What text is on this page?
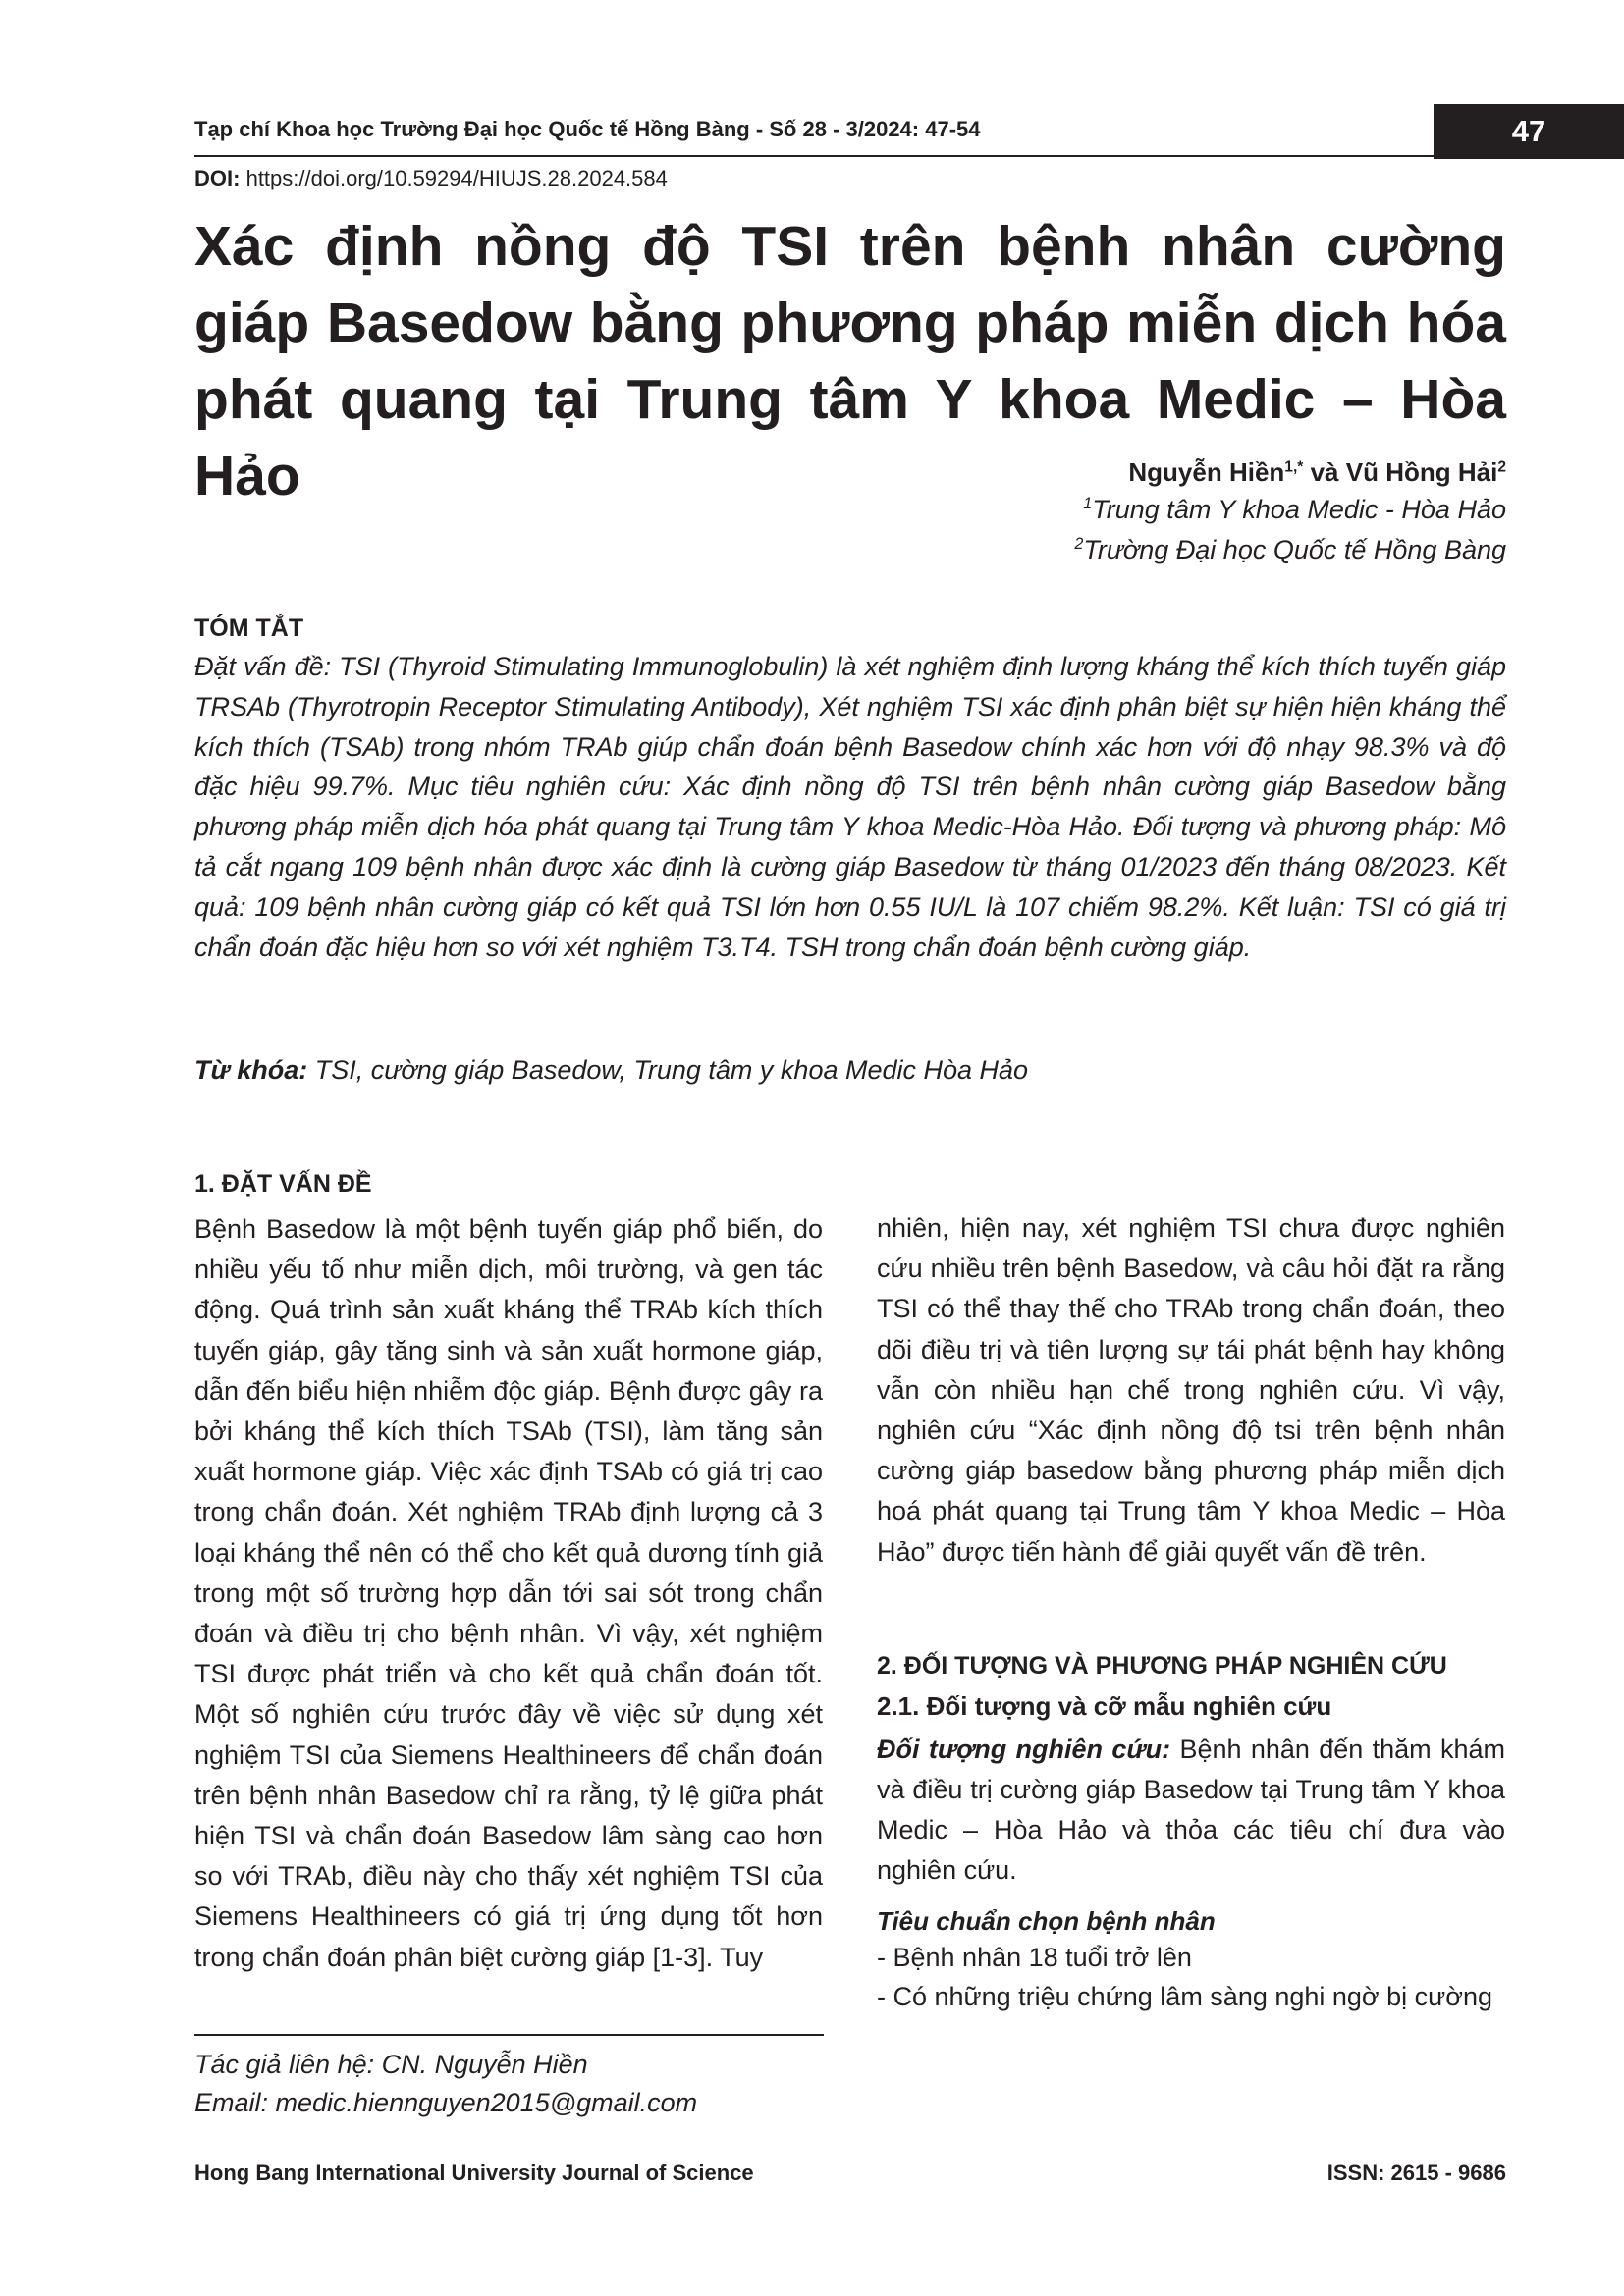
Tạp chí Khoa học Trường Đại học Quốc tế Hồng Bàng - Số 28 - 3/2024: 47-54	47
DOI: https://doi.org/10.59294/HIUJS.28.2024.584
Xác định nồng độ TSI trên bệnh nhân cường giáp Basedow bằng phương pháp miễn dịch hóa phát quang tại Trung tâm Y khoa Medic – Hòa Hảo	Nguyễn Hiền$^{1,*}$ và Vũ Hồng Hải$^2$
$^1$Trung tâm Y khoa Medic - Hòa Hảo
$^2$Trường Đại học Quốc tế Hồng Bàng
TÓM TẮT

Đặt vấn đề: TSI (Thyroid Stimulating Immunoglobulin) là xét nghiệm định lượng kháng thể kích thích tuyến giáp TRSAb (Thyrotropin Receptor Stimulating Antibody), Xét nghiệm TSI xác định phân biệt sự hiện hiện kháng thể kích thích (TSAb) trong nhóm TRAb giúp chẩn đoán bệnh Basedow chính xác hơn với độ nhạy 98.3% và độ đặc hiệu 99.7%. Mục tiêu nghiên cứu: Xác định nồng độ TSI trên bệnh nhân cường giáp Basedow bằng phương pháp miễn dịch hóa phát quang tại Trung tâm Y khoa Medic-Hòa Hảo. Đối tượng và phương pháp: Mô tả cắt ngang 109 bệnh nhân được xác định là cường giáp Basedow từ tháng 01/2023 đến tháng 08/2023. Kết quả: 109 bệnh nhân cường giáp có kết quả TSI lớn hơn 0.55 IU/L là 107 chiếm 98.2%. Kết luận: TSI có giá trị chẩn đoán đặc hiệu hơn so với xét nghiệm T3.T4. TSH trong chẩn đoán bệnh cường giáp.

Từ khóa: TSI, cường giáp Basedow, Trung tâm y khoa Medic Hòa Hảo
1. ĐẶT VẤN ĐỀ

Bệnh Basedow là một bệnh tuyến giáp phổ biến, do nhiều yếu tố như miễn dịch, môi trường, và gen tác động. Quá trình sản xuất kháng thể TRAb kích thích tuyến giáp, gây tăng sinh và sản xuất hormone giáp, dẫn đến biểu hiện nhiễm độc giáp. Bệnh được gây ra bởi kháng thể kích thích TSAb (TSI), làm tăng sản xuất hormone giáp. Việc xác định TSAb có giá trị cao trong chẩn đoán. Xét nghiệm TRAb định lượng cả 3 loại kháng thể nên có thể cho kết quả dương tính giả trong một số trường hợp dẫn tới sai sót trong chẩn đoán và điều trị cho bệnh nhân. Vì vậy, xét nghiệm TSI được phát triển và cho kết quả chẩn đoán tốt. Một số nghiên cứu trước đây về việc sử dụng xét nghiệm TSI của Siemens Healthineers để chẩn đoán trên bệnh nhân Basedow chỉ ra rằng, tỷ lệ giữa phát hiện TSI và chẩn đoán Basedow lâm sàng cao hơn so với TRAb, điều này cho thấy xét nghiệm TSI của Siemens Healthineers có giá trị ứng dụng tốt hơn trong chẩn đoán phân biệt cường giáp [1-3]. Tuy

nhiên, hiện nay, xét nghiệm TSI chưa được nghiên cứu nhiều trên bệnh Basedow, và câu hỏi đặt ra rằng TSI có thể thay thế cho TRAb trong chẩn đoán, theo dõi điều trị và tiên lượng sự tái phát bệnh hay không vẫn còn nhiều hạn chế trong nghiên cứu. Vì vậy, nghiên cứu “Xác định nồng độ tsi trên bệnh nhân cường giáp basedow bằng phương pháp miễn dịch hoá phát quang tại Trung tâm Y khoa Medic – Hòa Hảo” được tiến hành để giải quyết vấn đề trên.

2. ĐỐI TƯỢNG VÀ PHƯƠNG PHÁP NGHIÊN CỨU
2.1. Đối tượng và cỡ mẫu nghiên cứu

Đối tượng nghiên cứu: Bệnh nhân đến thăm khám và điều trị cường giáp Basedow tại Trung tâm Y khoa Medic – Hòa Hảo và thỏa các tiêu chí đưa vào nghiên cứu.

Tiêu chuẩn chọn bệnh nhân
- Bệnh nhân 18 tuổi trở lên
- Có những triệu chứng lâm sàng nghi ngờ bị cường
Tác giả liên hệ: CN. Nguyễn Hiền
Email: medic.hiennguyen2015@gmail.com
Hong Bang International University Journal of Science	ISSN: 2615 - 9686
